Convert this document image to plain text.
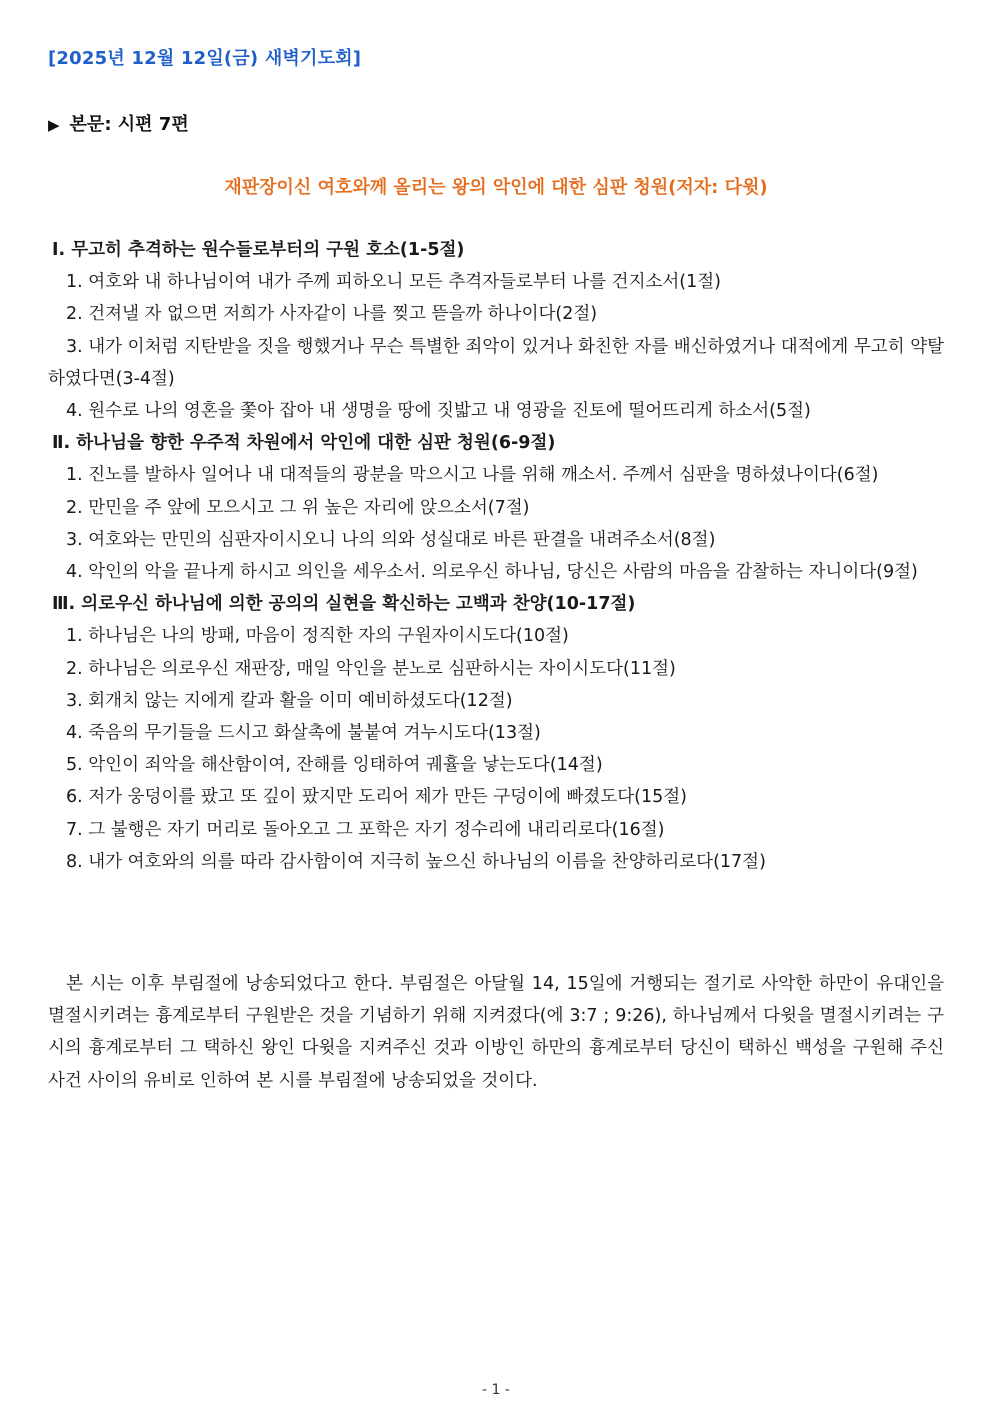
[2025년 12월 12일(금) 새벽기도회]
▶ 본문: 시편 7편
재판장이신 여호와께 올리는 왕의 악인에 대한 심판 청원(저자: 다윗)
Ⅰ. 무고히 추격하는 원수들로부터의 구원 호소(1-5절)
1. 여호와 내 하나님이여 내가 주께 피하오니 모든 추격자들로부터 나를 건지소서(1절)
2. 건져낼 자 없으면 저희가 사자같이 나를 찢고 뜯을까 하나이다(2절)
3. 내가 이처럼 지탄받을 짓을 행했거나 무슨 특별한 죄악이 있거나 화친한 자를 배신하였거나 대적에게 무고히 약탈하였다면(3-4절)
4. 원수로 나의 영혼을 쫓아 잡아 내 생명을 땅에 짓밟고 내 영광을 진토에 떨어뜨리게 하소서(5절)
Ⅱ. 하나님을 향한 우주적 차원에서 악인에 대한 심판 청원(6-9절)
1. 진노를 발하사 일어나 내 대적들의 광분을 막으시고 나를 위해 깨소서. 주께서 심판을 명하셨나이다(6절)
2. 만민을 주 앞에 모으시고 그 위 높은 자리에 앉으소서(7절)
3. 여호와는 만민의 심판자이시오니 나의 의와 성실대로 바른 판결을 내려주소서(8절)
4. 악인의 악을 끝나게 하시고 의인을 세우소서. 의로우신 하나님, 당신은 사람의 마음을 감찰하는 자니이다(9절)
Ⅲ. 의로우신 하나님에 의한 공의의 실현을 확신하는 고백과 찬양(10-17절)
1. 하나님은 나의 방패, 마음이 정직한 자의 구원자이시도다(10절)
2. 하나님은 의로우신 재판장, 매일 악인을 분노로 심판하시는 자이시도다(11절)
3. 회개치 않는 지에게 칼과 활을 이미 예비하셨도다(12절)
4. 죽음의 무기들을 드시고 화살촉에 불붙여 겨누시도다(13절)
5. 악인이 죄악을 해산함이여, 잔해를 잉태하여 궤휼을 낳는도다(14절)
6. 저가 웅덩이를 팠고 또 깊이 팠지만 도리어 제가 만든 구덩이에 빠졌도다(15절)
7. 그 불행은 자기 머리로 돌아오고 그 포학은 자기 정수리에 내리리로다(16절)
8. 내가 여호와의 의를 따라 감사함이여 지극히 높으신 하나님의 이름을 찬양하리로다(17절)
본 시는 이후 부림절에 낭송되었다고 한다. 부림절은 아달월 14, 15일에 거행되는 절기로 사악한 하만이 유대인을 멸절시키려는 흉계로부터 구원받은 것을 기념하기 위해 지켜졌다(에 3:7 ; 9:26), 하나님께서 다윗을 멸절시키려는 구시의 흉계로부터 그 택하신 왕인 다윗을 지켜주신 것과 이방인 하만의 흉계로부터 당신이 택하신 백성을 구원해 주신 사건 사이의 유비로 인하여 본 시를 부림절에 낭송되었을 것이다.
- 1 -
